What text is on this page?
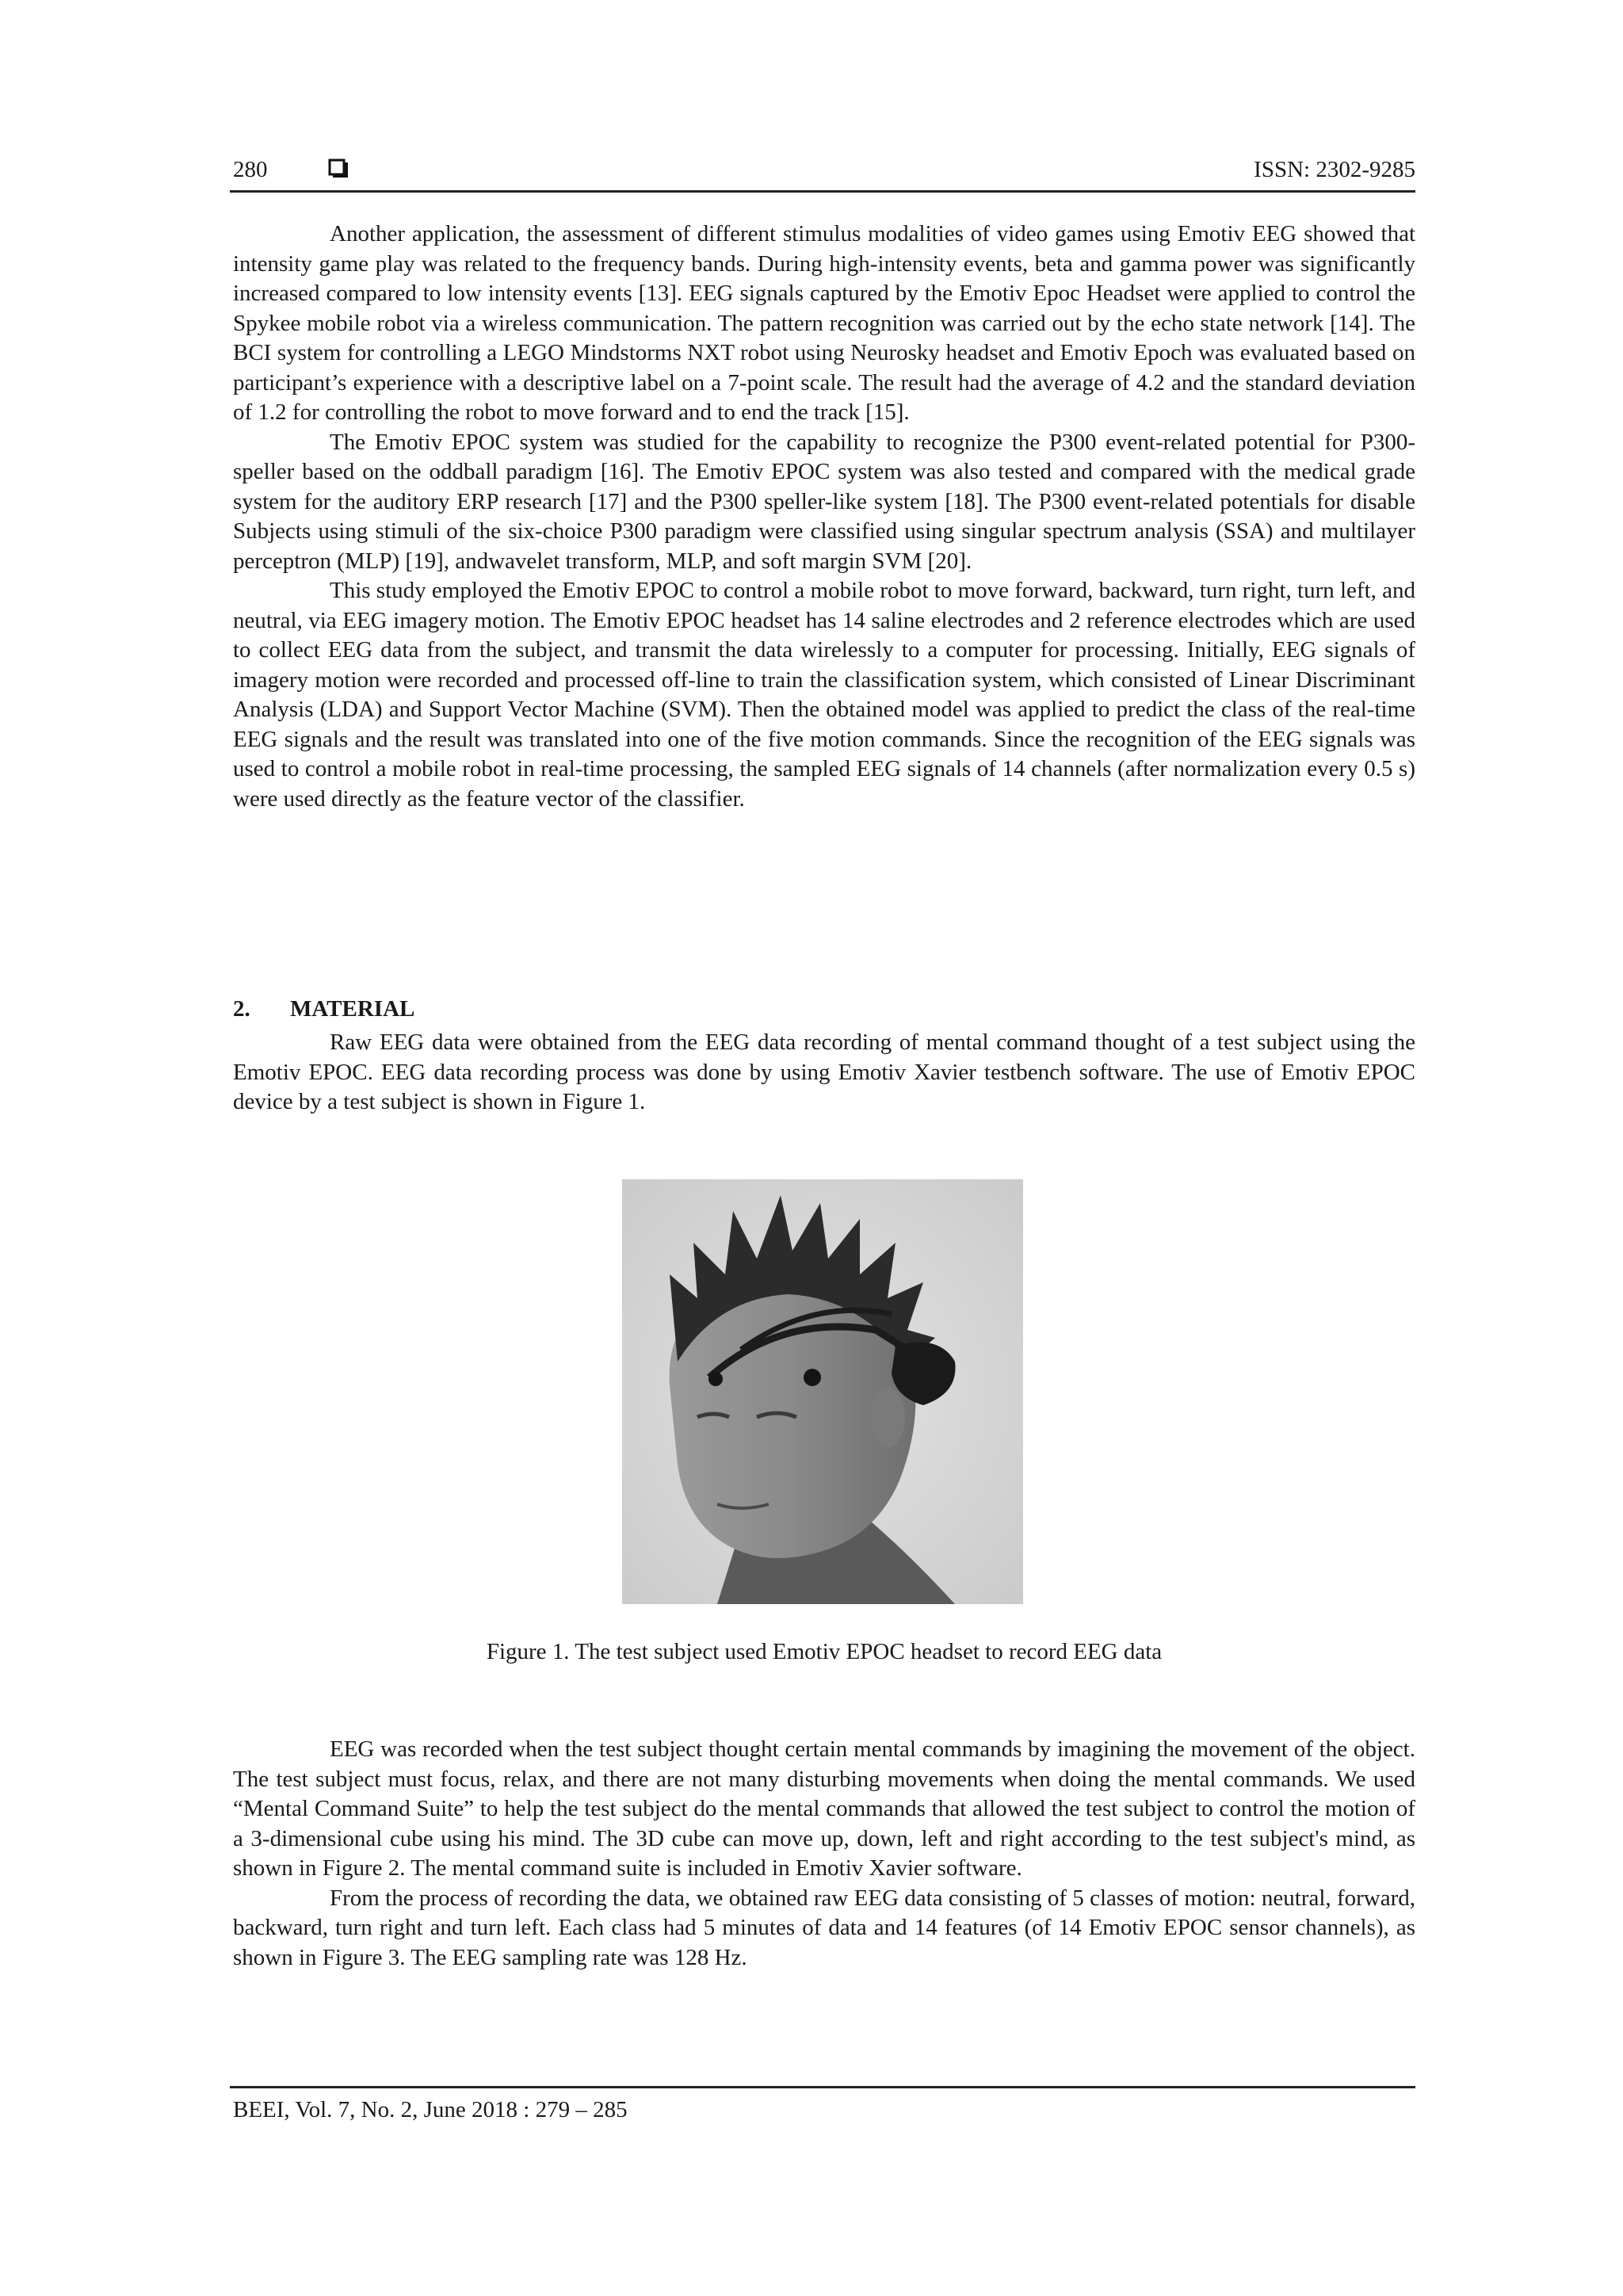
280	ISSN: 2302-9285

Another application, the assessment of different stimulus modalities of video games using Emotiv EEG showed that intensity game play was related to the frequency bands. During high-intensity events, beta and gamma power was significantly increased compared to low intensity events [13]. EEG signals captured by the Emotiv Epoc Headset were applied to control the Spykee mobile robot via a wireless communication. The pattern recognition was carried out by the echo state network [14]. The BCI system for controlling a LEGO Mindstorms NXT robot using Neurosky headset and Emotiv Epoch was evaluated based on participant’s experience with a descriptive label on a 7-point scale. The result had the average of 4.2 and the standard deviation of 1.2 for controlling the robot to move forward and to end the track [15].

The Emotiv EPOC system was studied for the capability to recognize the P300 event-related potential for P300-speller based on the oddball paradigm [16]. The Emotiv EPOC system was also tested and compared with the medical grade system for the auditory ERP research [17] and the P300 speller-like system [18]. The P300 event-related potentials for disable Subjects using stimuli of the six-choice P300 paradigm were classified using singular spectrum analysis (SSA) and multilayer perceptron (MLP) [19], andwavelet transform, MLP, and soft margin SVM [20].

This study employed the Emotiv EPOC to control a mobile robot to move forward, backward, turn right, turn left, and neutral, via EEG imagery motion. The Emotiv EPOC headset has 14 saline electrodes and 2 reference electrodes which are used to collect EEG data from the subject, and transmit the data wirelessly to a computer for processing. Initially, EEG signals of imagery motion were recorded and processed off-line to train the classification system, which consisted of Linear Discriminant Analysis (LDA) and Support Vector Machine (SVM). Then the obtained model was applied to predict the class of the real-time EEG signals and the result was translated into one of the five motion commands. Since the recognition of the EEG signals was used to control a mobile robot in real-time processing, the sampled EEG signals of 14 channels (after normalization every 0.5 s) were used directly as the feature vector of the classifier.

2. MATERIAL

Raw EEG data were obtained from the EEG data recording of mental command thought of a test subject using the Emotiv EPOC. EEG data recording process was done by using Emotiv Xavier testbench software. The use of Emotiv EPOC device by a test subject is shown in Figure 1.

Figure 1. The test subject used Emotiv EPOC headset to record EEG data

EEG was recorded when the test subject thought certain mental commands by imagining the movement of the object. The test subject must focus, relax, and there are not many disturbing movements when doing the mental commands. We used “Mental Command Suite” to help the test subject do the mental commands that allowed the test subject to control the motion of a 3-dimensional cube using his mind. The 3D cube can move up, down, left and right according to the test subject's mind, as shown in Figure 2. The mental command suite is included in Emotiv Xavier software.

From the process of recording the data, we obtained raw EEG data consisting of 5 classes of motion: neutral, forward, backward, turn right and turn left. Each class had 5 minutes of data and 14 features (of 14 Emotiv EPOC sensor channels), as shown in Figure 3. The EEG sampling rate was 128 Hz.

BEEI, Vol. 7, No. 2, June 2018 : 279 – 285
